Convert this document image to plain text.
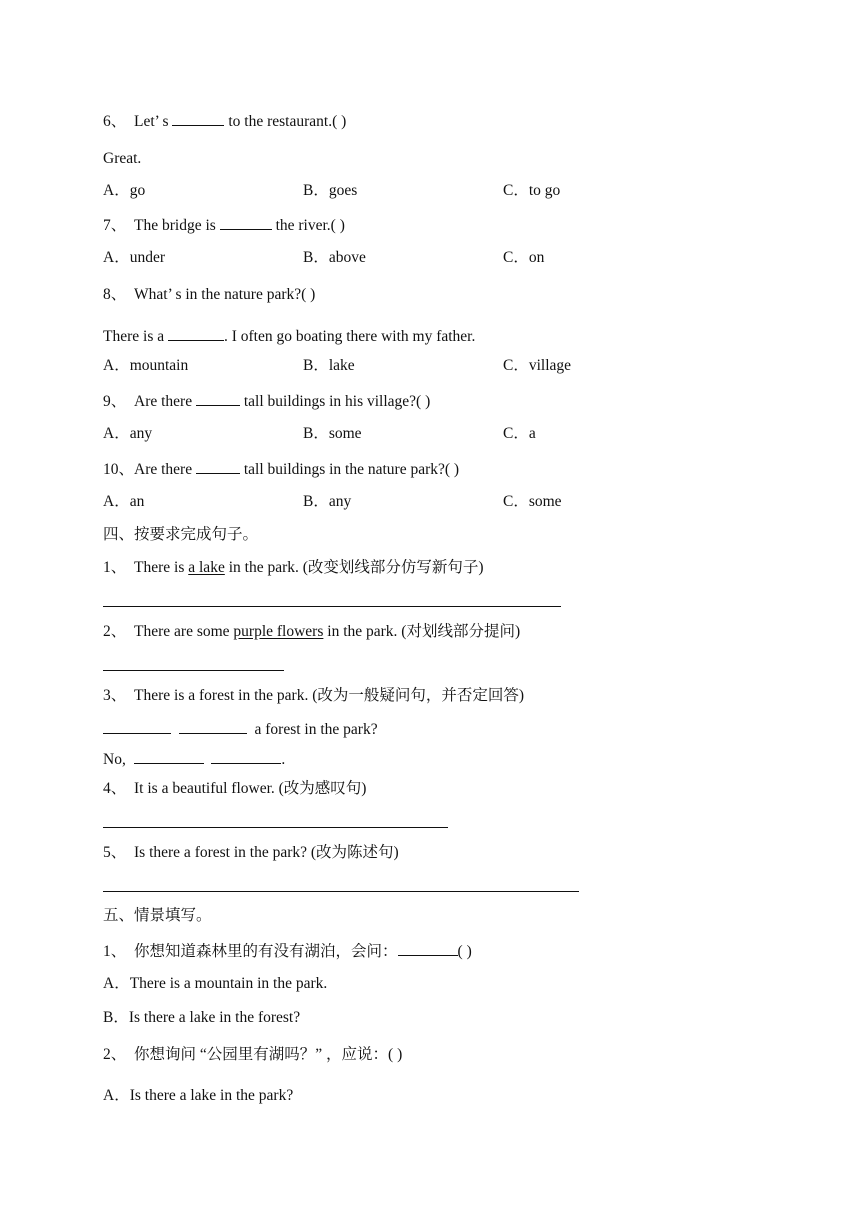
6、 Let’ s	to the restaurant.( )
Great.
A．go	B．goes	C．to go
7、 The bridge is	the river.( )
A．under	B．above	C．on
8、 What’ s in the nature park?( )
There is a	. I often go boating there with my father.
A．mountain	B．lake	C．village
9、 Are there	tall buildings in his village?( )
A．any	B．some	C．a
10、Are there	tall buildings in the nature park?( )
A．an	B．any	C．some
四、按要求完成句子。
1、 There is a lake in the park. (改变划线部分仿写新句子)
2、 There are some purple flowers in the park. (对划线部分提问)
3、 There is a forest in the park. (改为一般疑问句，并否定回答)
a forest in the park?
No,	.
4、 It is a beautiful flower. (改为感叹句)
5、 Is there a forest in the park? (改为陈述句)
五、情景填写。
1、 你想知道森林里的有没有湖泊，会问：	( )
A．There is a mountain in the park.
B．Is there a lake in the forest?
2、 你想询问 “公园里有湖吗？” ，应说：( )
A．Is there a lake in the park?
